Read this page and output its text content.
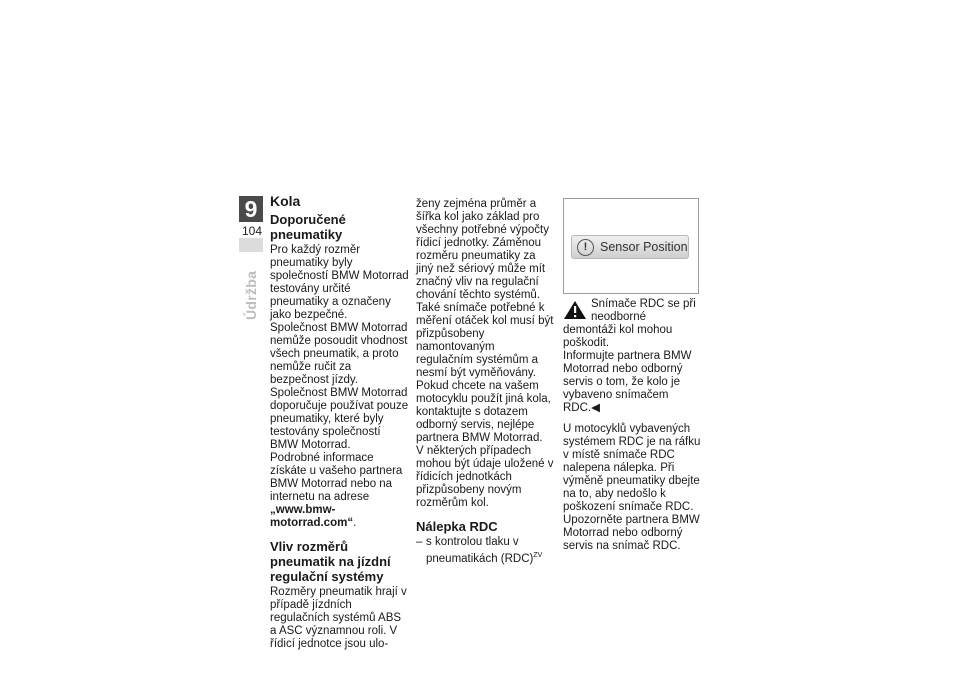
9
104
Údržba
Kola
Doporučené pneumatiky

Pro každý rozměr pneumatiky byly společností BMW Motorrad testovány určité pneumatiky a označeny jako bezpečné.

Společnost BMW Motorrad nemůže posoudit vhodnost všech pneumatik, a proto nemůže ručit za bezpečnost jízdy.

Společnost BMW Motorrad doporučuje používat pouze pneumatiky, které byly testovány společností BMW Motorrad.

Podrobné informace získáte u vašeho partnera BMW Motorrad nebo na internetu na adrese „www.bmw-motorrad.com“.

Vliv rozměrů pneumatik na jízdní regulační systémy

Rozměry pneumatik hrají v případě jízdních regulačních systémů ABS a ASC významnou roli. V řídicí jednotce jsou ulo-

ženy zejména průměr a šířka kol jako základ pro všechny potřebné výpočty řídicí jednotky. Záměnou rozměru pneumatiky za jiný než sériový může mít značný vliv na regulační chování těchto systémů.

Také snímače potřebné k měření otáček kol musí být přizpůsobeny namontovaným regulačním systémům a nesmí být vyměňovány.

Pokud chcete na vašem motocyklu použít jiná kola, kontaktujte s dotazem odborný servis, nejlépe partnera BMW Motorrad.

V některých případech mohou být údaje uložené v řídicích jednotkách přizpůsobeny novým rozměrům kol.

Nálepka RDC
– s kontrolou tlaku v pneumatikách (RDC)$^{ZV}$
!	Sensor Position

Snímače RDC se při neodborné demontáži kol mohou poškodit.

Informujte partnera BMW Motorrad nebo odborný servis o tom, že kolo je vybaveno snímačem RDC.◀

U motocyklů vybavených systémem RDC je na ráfku v místě snímače RDC nalepena nálepka. Při výměně pneumatiky dbejte na to, aby nedošlo k poškození snímače RDC. Upozorněte partnera BMW Motorrad nebo odborný servis na snímač RDC.
